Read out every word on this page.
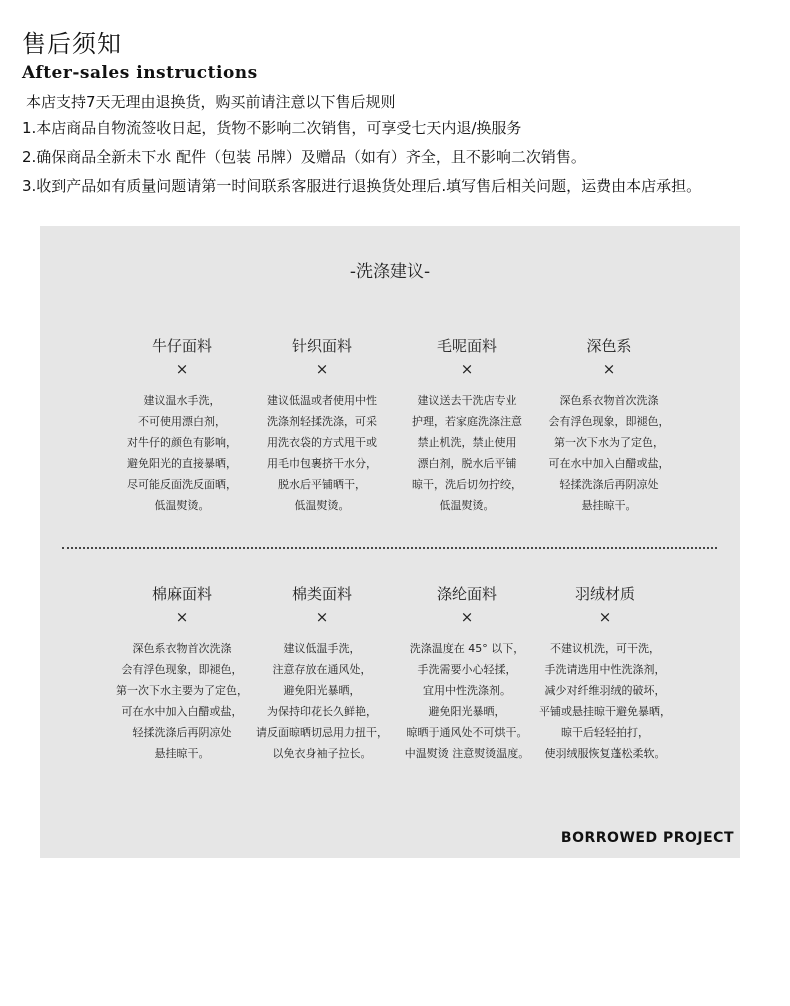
售后须知
After-sales instructions
本店支持7天无理由退换货，购买前请注意以下售后规则
1.本店商品自物流签收日起，货物不影响二次销售，可享受七天内退/换服务
2.确保商品全新未下水 配件（包装 吊牌）及赠品（如有）齐全，且不影响二次销售。
3.收到产品如有质量问题请第一时间联系客服进行退换货处理后.填写售后相关问题，运费由本店承担。
-洗涤建议-
牛仔面料
×
建议温水手洗，
不可使用漂白剂，
对牛仔的颜色有影响，
避免阳光的直接暴晒，
尽可能反面洗反面晒，
低温熨烫。
针织面料
×
建议低温或者使用中性
洗涤剂轻揉洗涤，可采
用洗衣袋的方式甩干或
用毛巾包裹挤干水分，
脱水后平铺晒干，
低温熨烫。
毛呢面料
×
建议送去干洗店专业
护理，若家庭洗涤注意
禁止机洗，禁止使用
漂白剂，脱水后平铺
晾干，洗后切勿拧绞，
低温熨烫。
深色系
×
深色系衣物首次洗涤
会有浮色现象，即褪色，
第一次下水为了定色，
可在水中加入白醋或盐，
轻揉洗涤后再阴凉处
悬挂晾干。
棉麻面料
×
深色系衣物首次洗涤
会有浮色现象，即褪色，
第一次下水主要为了定色，
可在水中加入白醋或盐，
轻揉洗涤后再阴凉处
悬挂晾干。
棉类面料
×
建议低温手洗，
注意存放在通风处，
避免阳光暴晒，
为保持印花长久鲜艳，
请反面晾晒切忌用力扭干，
以免衣身袖子拉长。
涤纶面料
×
洗涤温度在 45° 以下，
手洗需要小心轻揉，
宜用中性洗涤剂。
避免阳光暴晒，
晾晒于通风处不可烘干。
中温熨烫 注意熨烫温度。
羽绒材质
×
不建议机洗，可干洗，
手洗请选用中性洗涤剂，
减少对纤维羽绒的破坏，
平铺或悬挂晾干避免暴晒，
晾干后轻轻拍打，
使羽绒服恢复蓬松柔软。
BORROWED PROJECT
